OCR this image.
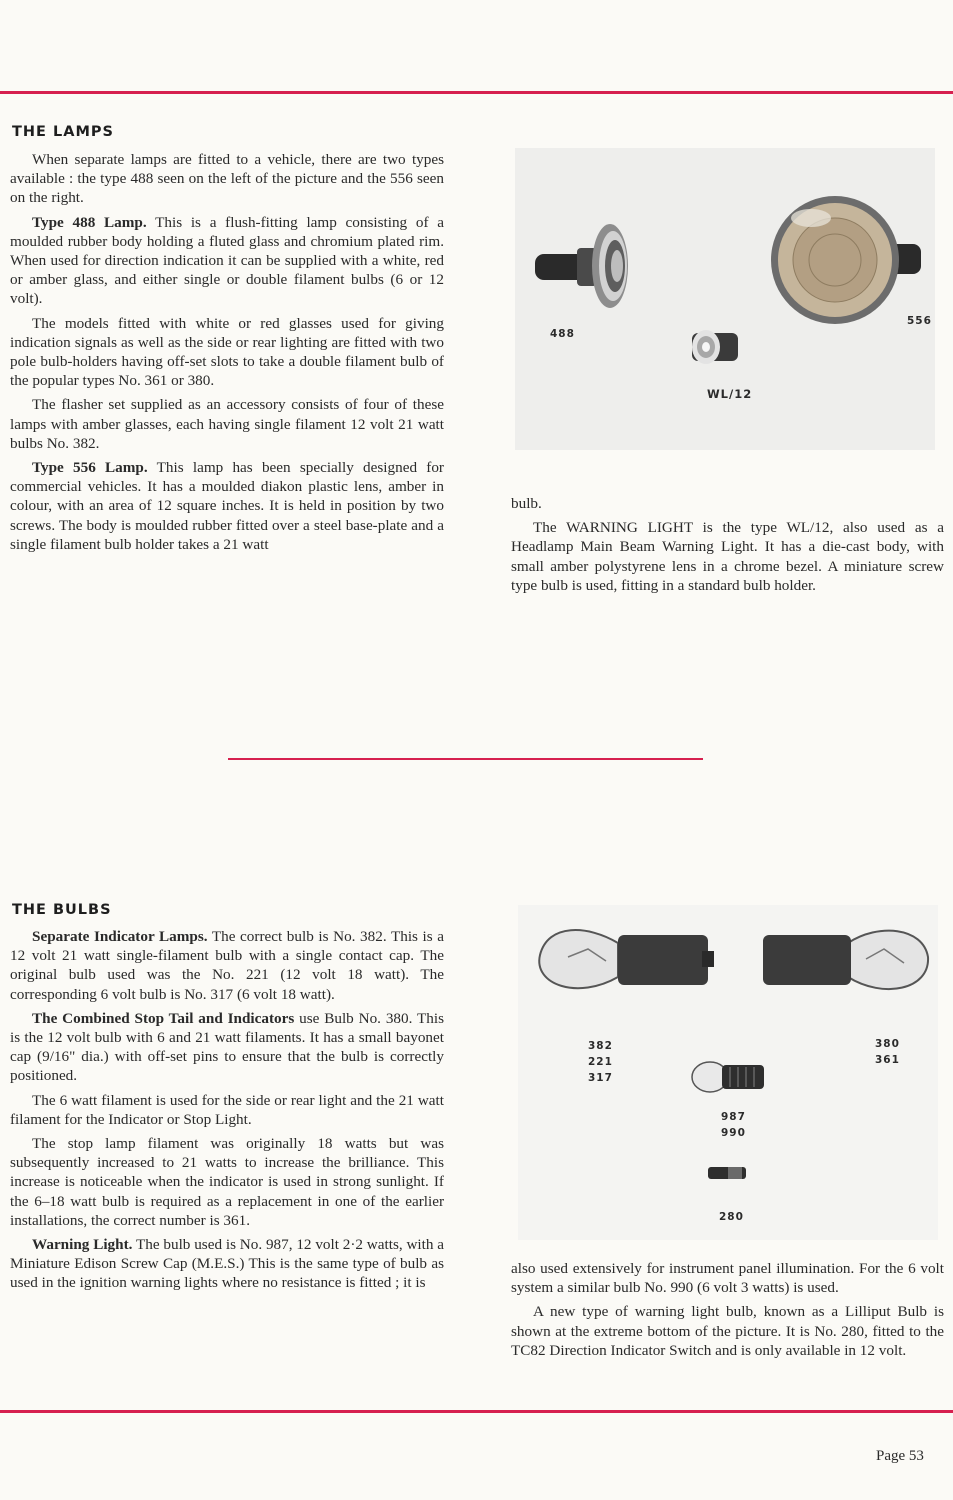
THE LAMPS

When separate lamps are fitted to a vehicle, there are two types available : the type 488 seen on the left of the picture and the 556 seen on the right.

Type 488 Lamp. This is a flush-fitting lamp consisting of a moulded rubber body holding a fluted glass and chromium plated rim. When used for direction indication it can be supplied with a white, red or amber glass, and either single or double filament bulbs (6 or 12 volt).

The models fitted with white or red glasses used for giving indication signals as well as the side or rear lighting are fitted with two pole bulb-holders having off-set slots to take a double filament bulb of the popular types No. 361 or 380.

The flasher set supplied as an accessory consists of four of these lamps with amber glasses, each having single filament 12 volt 21 watt bulbs No. 382.

Type 556 Lamp. This lamp has been specially designed for commercial vehicles. It has a moulded diakon plastic lens, amber in colour, with an area of 12 square inches. It is held in position by two screws. The body is moulded rubber fitted over a steel base-plate and a single filament bulb holder takes a 21 watt

488
556
WL/12

bulb.

The WARNING LIGHT is the type WL/12, also used as a Headlamp Main Beam Warning Light. It has a die-cast body, with small amber polystyrene lens in a chrome bezel. A miniature screw type bulb is used, fitting in a standard bulb holder.

THE BULBS

Separate Indicator Lamps. The correct bulb is No. 382. This is a 12 volt 21 watt single-filament bulb with a single contact cap. The original bulb used was the No. 221 (12 volt 18 watt). The corresponding 6 volt bulb is No. 317 (6 volt 18 watt).

The Combined Stop Tail and Indicators use Bulb No. 380. This is the 12 volt bulb with 6 and 21 watt filaments. It has a small bayonet cap (9/16" dia.) with off-set pins to ensure that the bulb is correctly positioned.

The 6 watt filament is used for the side or rear light and the 21 watt filament for the Indicator or Stop Light.

The stop lamp filament was originally 18 watts but was subsequently increased to 21 watts to increase the brilliance. This increase is noticeable when the indicator is used in strong sunlight. If the 6–18 watt bulb is required as a replacement in one of the earlier installations, the correct number is 361.

Warning Light. The bulb used is No. 987, 12 volt 2·2 watts, with a Miniature Edison Screw Cap (M.E.S.) This is the same type of bulb as used in the ignition warning lights where no resistance is fitted ; it is

382
221
317
380
361
987
990
280

also used extensively for instrument panel illumination. For the 6 volt system a similar bulb No. 990 (6 volt 3 watts) is used.

A new type of warning light bulb, known as a Lilliput Bulb is shown at the extreme bottom of the picture. It is No. 280, fitted to the TC82 Direction Indicator Switch and is only available in 12 volt.

Page 53
